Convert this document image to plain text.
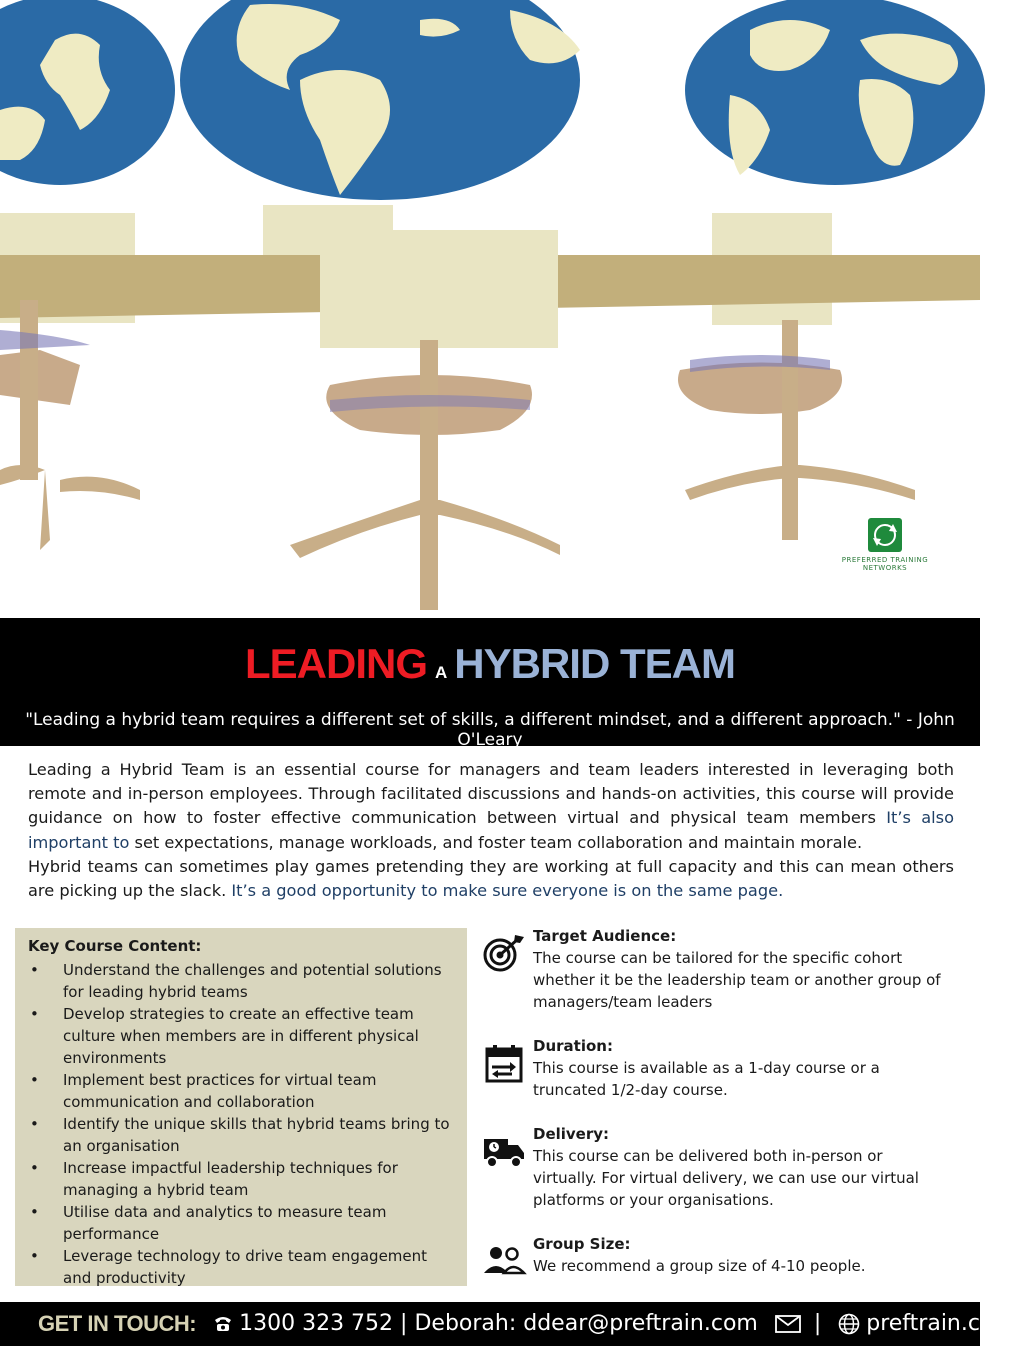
PREFERRED TRAINING
NETWORKS
LEADING A HYBRID TEAM
"Leading a hybrid team requires a different set of skills, a different mindset, and a different approach." - John O'Leary

Leading a Hybrid Team is an essential course for managers and team leaders interested in leveraging both remote and in-person employees. Through facilitated discussions and hands-on activities, this course will provide guidance on how to foster effective communication between virtual and physical team members It’s also important to set expectations, manage workloads, and foster team collaboration and maintain morale.

Hybrid teams can sometimes play games pretending they are working at full capacity and this can mean others are picking up the slack. It’s a good opportunity to make sure everyone is on the same page.

Key Course Content:
• Understand the challenges and potential solutions for leading hybrid teams
• Develop strategies to create an effective team culture when members are in different physical environments
• Implement best practices for virtual team communication and collaboration
• Identify the unique skills that hybrid teams bring to an organisation
• Increase impactful leadership techniques for managing a hybrid team
• Utilise data and analytics to measure team performance
• Leverage technology to drive team engagement and productivity
Target Audience:
The course can be tailored for the specific cohort whether it be the leadership team or another group of managers/team leaders
Duration:
This course is available as a 1-day course or a truncated 1/2-day course.
Delivery:
This course can be delivered both in-person or virtually. For virtual delivery, we can use our virtual platforms or your organisations.
Group Size:
We recommend a group size of 4-10 people.
GET IN TOUCH: 1300 323 752 | Deborah: ddear@preftrain.com  | preftrain.com
